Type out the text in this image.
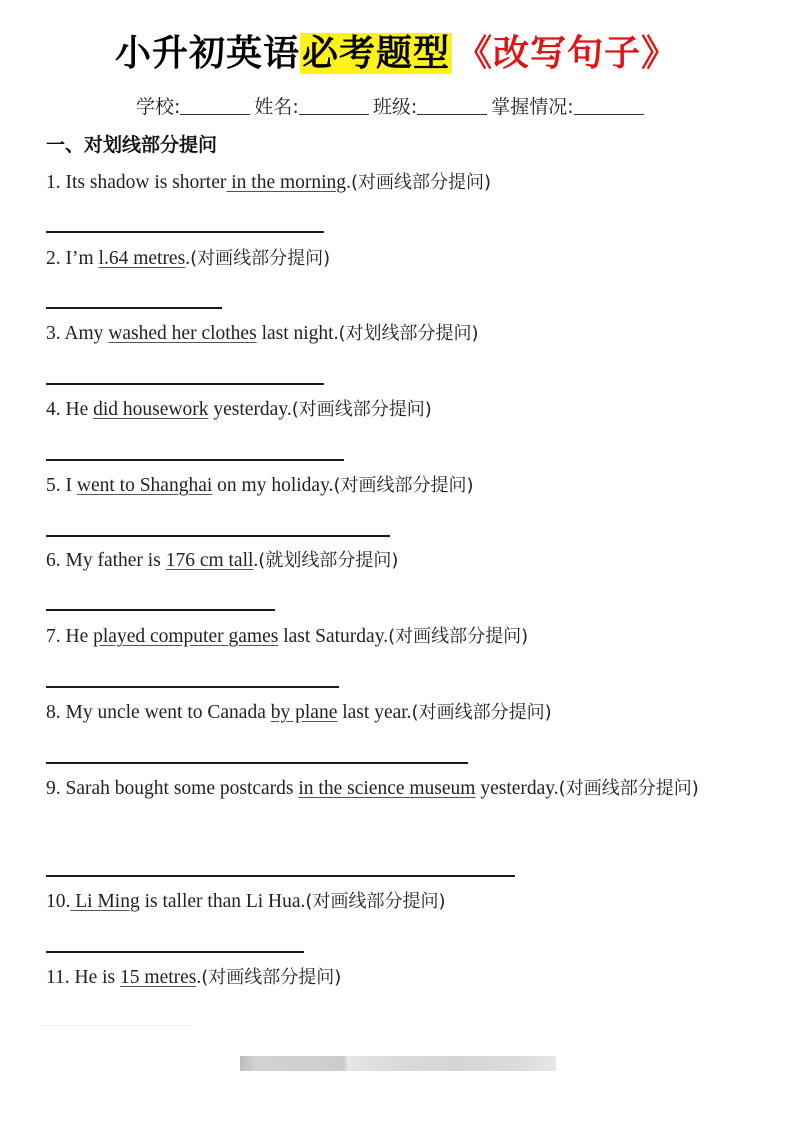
小升初英语必考题型 《改写句子》
学校:	姓名:	班级:	掌握情况:
一、对划线部分提问
1. Its shadow is shorter in the morning.(对画线部分提问)
2. I’m l.64 metres.(对画线部分提问)
3. Amy washed her clothes last night.(对划线部分提问)
4. He did housework yesterday.(对画线部分提问)
5. I went to Shanghai on my holiday.(对画线部分提问)
6. My father is 176 cm tall.(就划线部分提问)
7. He played computer games last Saturday.(对画线部分提问)
8. My uncle went to Canada by plane last year.(对画线部分提问)
9. Sarah bought some postcards in the science museum yesterday.(对画线部分提问)
10. Li Ming is taller than Li Hua.(对画线部分提问)
11. He is 15 metres.(对画线部分提问)
